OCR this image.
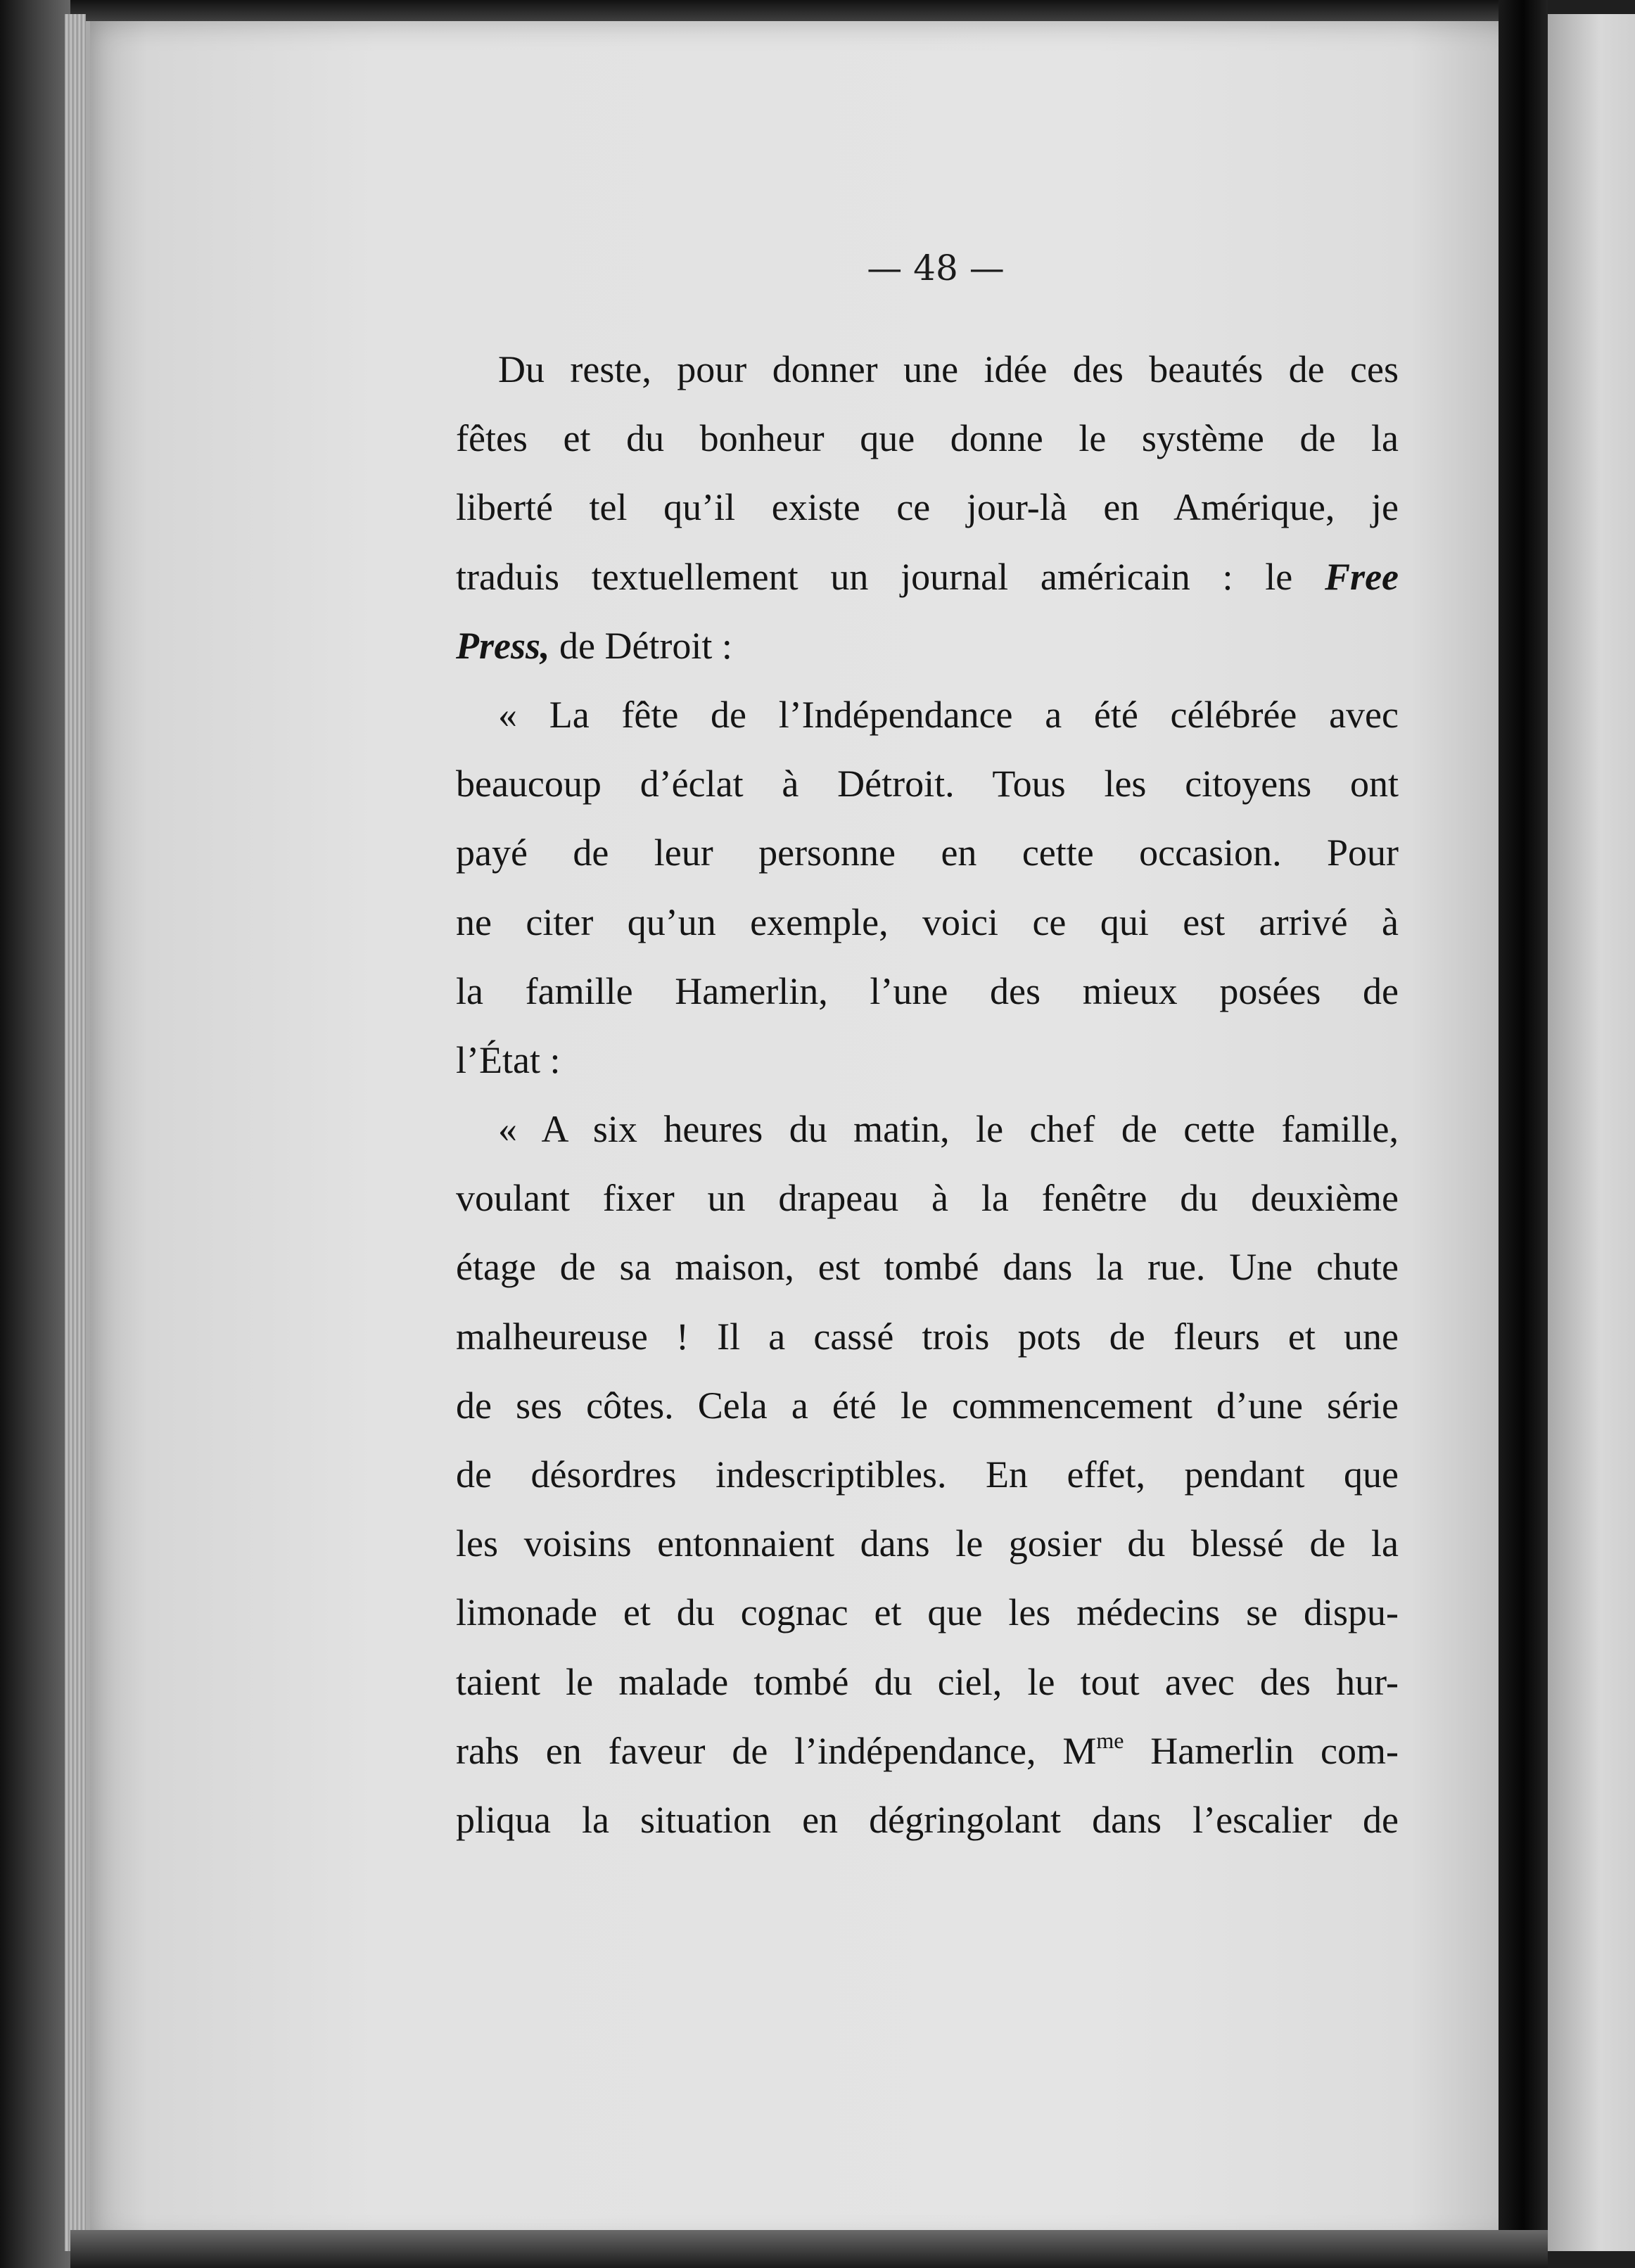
— 48 —
Du reste, pour donner une idée des beautés de ces
fêtes et du bonheur que donne le système de la
liberté tel qu’il existe ce jour-là en Amérique, je
traduis textuellement un journal américain : le Free
Press, de Détroit :
« La fête de l’Indépendance a été célébrée avec
beaucoup d’éclat à Détroit. Tous les citoyens ont
payé de leur personne en cette occasion. Pour
ne citer qu’un exemple, voici ce qui est arrivé à
la famille Hamerlin, l’une des mieux posées de
l’État :
« A six heures du matin, le chef de cette famille,
voulant fixer un drapeau à la fenêtre du deuxième
étage de sa maison, est tombé dans la rue. Une chute
malheureuse ! Il a cassé trois pots de fleurs et une
de ses côtes. Cela a été le commencement d’une série
de désordres indescriptibles. En effet, pendant que
les voisins entonnaient dans le gosier du blessé de la
limonade et du cognac et que les médecins se dispu-
taient le malade tombé du ciel, le tout avec des hur-
rahs en faveur de l’indépendance, $M^{me}$ Hamerlin com-
pliqua la situation en dégringolant dans l’escalier de
